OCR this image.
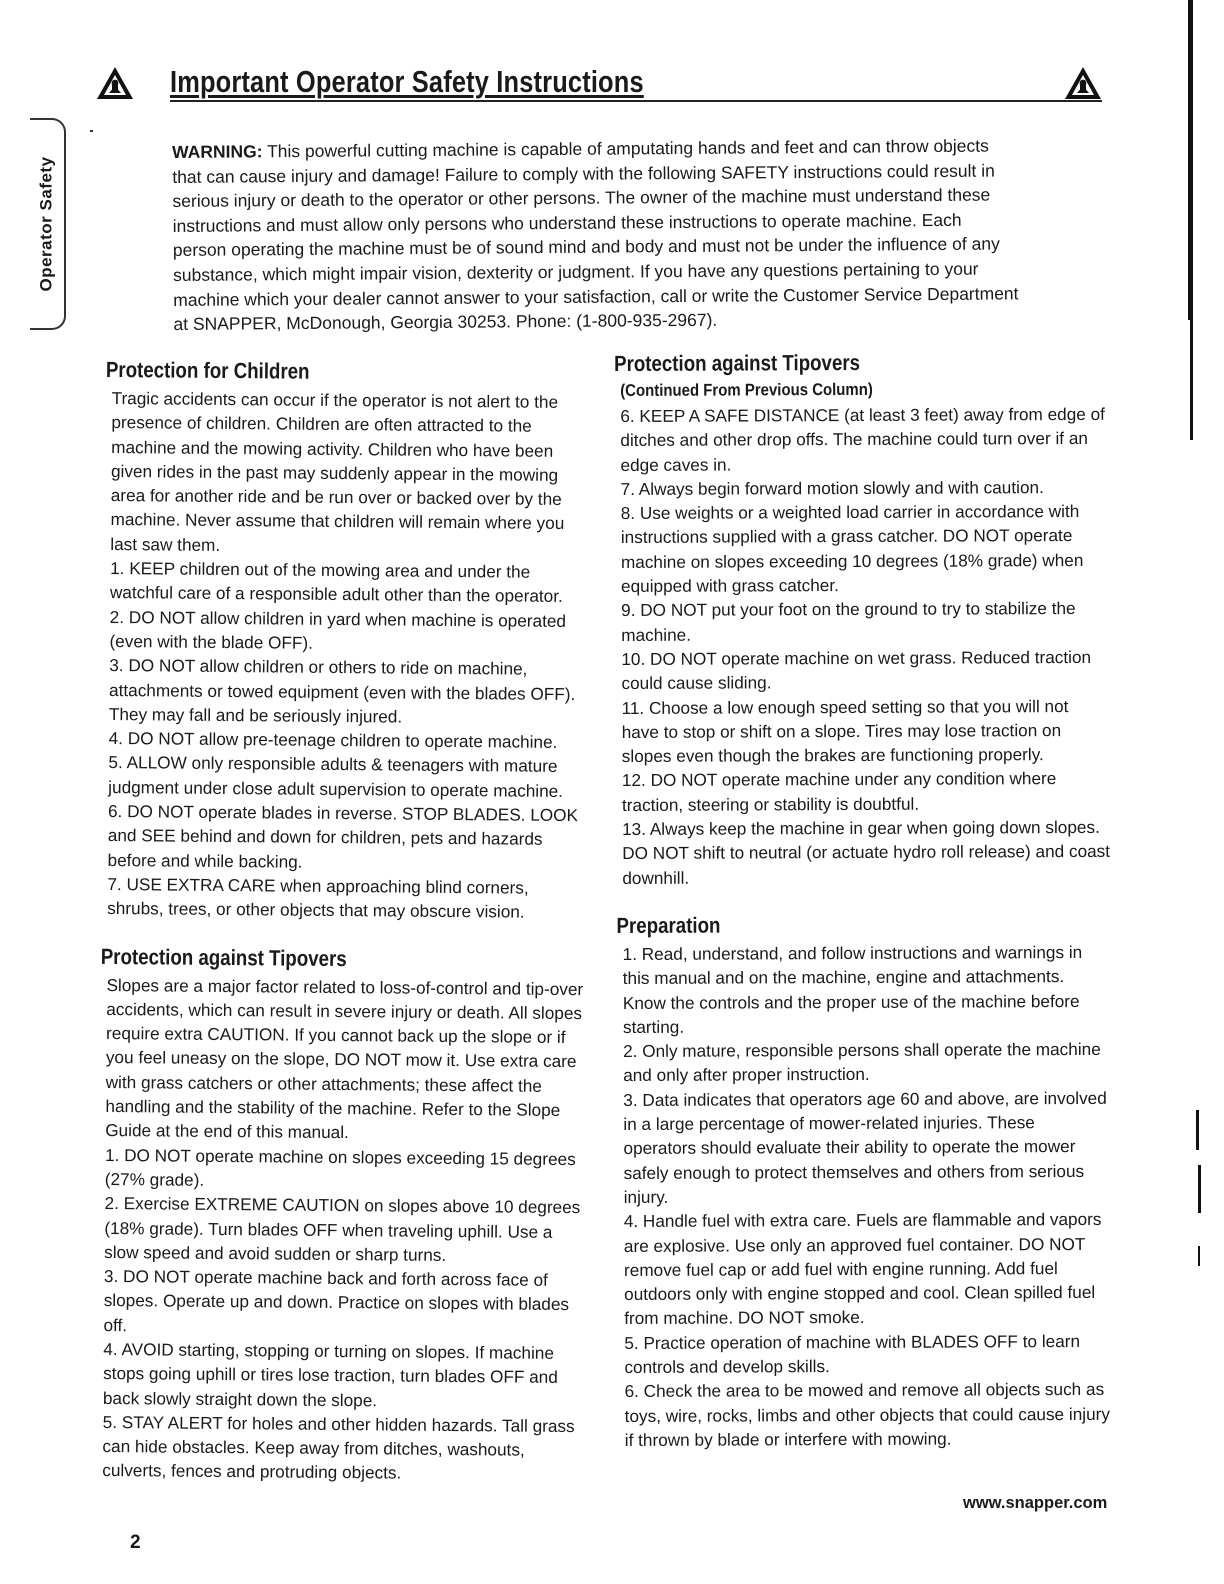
Important Operator Safety Instructions
Operator Safety
WARNING: This powerful cutting machine is capable of amputating hands and feet and can throw objects that can cause injury and damage! Failure to comply with the following SAFETY instructions could result in serious injury or death to the operator or other persons. The owner of the machine must understand these instructions and must allow only persons who understand these instructions to operate machine. Each person operating the machine must be of sound mind and body and must not be under the influence of any substance, which might impair vision, dexterity or judgment. If you have any questions pertaining to your machine which your dealer cannot answer to your satisfaction, call or write the Customer Service Department at SNAPPER, McDonough, Georgia 30253. Phone: (1-800-935-2967).
Protection for Children

Tragic accidents can occur if the operator is not alert to the presence of children. Children are often attracted to the machine and the mowing activity. Children who have been given rides in the past may suddenly appear in the mowing area for another ride and be run over or backed over by the machine. Never assume that children will remain where you last saw them.

1. KEEP children out of the mowing area and under the watchful care of a responsible adult other than the operator.

2. DO NOT allow children in yard when machine is operated (even with the blade OFF).

3. DO NOT allow children or others to ride on machine, attachments or towed equipment (even with the blades OFF). They may fall and be seriously injured.

4. DO NOT allow pre-teenage children to operate machine.

5. ALLOW only responsible adults & teenagers with mature judgment under close adult supervision to operate machine.

6. DO NOT operate blades in reverse. STOP BLADES. LOOK and SEE behind and down for children, pets and hazards before and while backing.

7. USE EXTRA CARE when approaching blind corners, shrubs, trees, or other objects that may obscure vision.

Protection against Tipovers

Slopes are a major factor related to loss-of-control and tip-over accidents, which can result in severe injury or death. All slopes require extra CAUTION. If you cannot back up the slope or if you feel uneasy on the slope, DO NOT mow it. Use extra care with grass catchers or other attachments; these affect the handling and the stability of the machine. Refer to the Slope Guide at the end of this manual.

1. DO NOT operate machine on slopes exceeding 15 degrees (27% grade).

2. Exercise EXTREME CAUTION on slopes above 10 degrees (18% grade). Turn blades OFF when traveling uphill. Use a slow speed and avoid sudden or sharp turns.

3. DO NOT operate machine back and forth across face of slopes. Operate up and down. Practice on slopes with blades off.

4. AVOID starting, stopping or turning on slopes. If machine stops going uphill or tires lose traction, turn blades OFF and back slowly straight down the slope.

5. STAY ALERT for holes and other hidden hazards. Tall grass can hide obstacles. Keep away from ditches, washouts, culverts, fences and protruding objects.

Protection against Tipovers
(Continued From Previous Column)

6. KEEP A SAFE DISTANCE (at least 3 feet) away from edge of ditches and other drop offs. The machine could turn over if an edge caves in.

7. Always begin forward motion slowly and with caution.

8. Use weights or a weighted load carrier in accordance with instructions supplied with a grass catcher. DO NOT operate machine on slopes exceeding 10 degrees (18% grade) when equipped with grass catcher.

9. DO NOT put your foot on the ground to try to stabilize the machine.

10. DO NOT operate machine on wet grass. Reduced traction could cause sliding.

11. Choose a low enough speed setting so that you will not have to stop or shift on a slope. Tires may lose traction on slopes even though the brakes are functioning properly.

12. DO NOT operate machine under any condition where traction, steering or stability is doubtful.

13. Always keep the machine in gear when going down slopes. DO NOT shift to neutral (or actuate hydro roll release) and coast downhill.

Preparation

1. Read, understand, and follow instructions and warnings in this manual and on the machine, engine and attachments. Know the controls and the proper use of the machine before starting.

2. Only mature, responsible persons shall operate the machine and only after proper instruction.

3. Data indicates that operators age 60 and above, are involved in a large percentage of mower-related injuries. These operators should evaluate their ability to operate the mower safely enough to protect themselves and others from serious injury.

4. Handle fuel with extra care. Fuels are flammable and vapors are explosive. Use only an approved fuel container. DO NOT remove fuel cap or add fuel with engine running. Add fuel outdoors only with engine stopped and cool. Clean spilled fuel from machine. DO NOT smoke.

5. Practice operation of machine with BLADES OFF to learn controls and develop skills.

6. Check the area to be mowed and remove all objects such as toys, wire, rocks, limbs and other objects that could cause injury if thrown by blade or interfere with mowing.

2
www.snapper.com
